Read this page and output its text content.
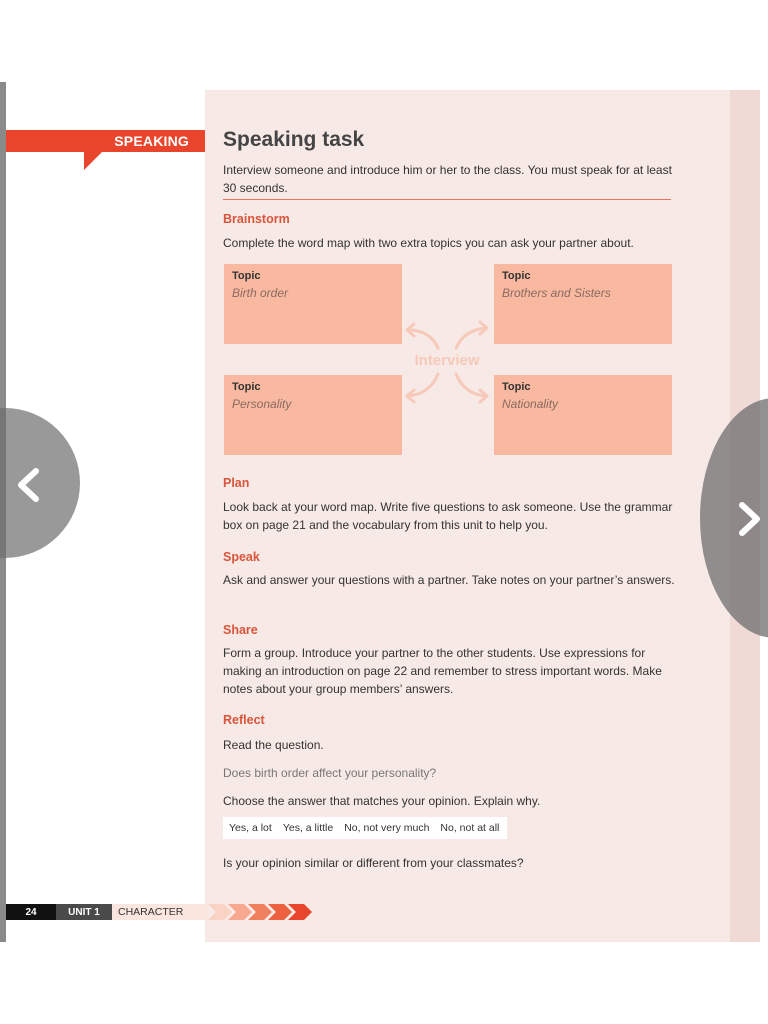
SPEAKING Speaking task
Interview someone and introduce him or her to the class. You must speak for at least 30 seconds.
Brainstorm
Complete the word map with two extra topics you can ask your partner about.
Topic
Birth order
Topic
Brothers and Sisters
Topic
Personality
Topic
Nationality
Interview
Plan
Look back at your word map. Write five questions to ask someone. Use the grammar box on page 21 and the vocabulary from this unit to help you.
Speak
Ask and answer your questions with a partner. Take notes on your partner’s answers.
Share
Form a group. Introduce your partner to the other students. Use expressions for making an introduction on page 22 and remember to stress important words. Make notes about your group members’ answers.
Reflect
Read the question.
Does birth order affect your personality?
Choose the answer that matches your opinion. Explain why.
Yes, a lot Yes, a little No, not very much No, not at all
Is your opinion similar or different from your classmates?
24	UNIT 1	CHARACTER
